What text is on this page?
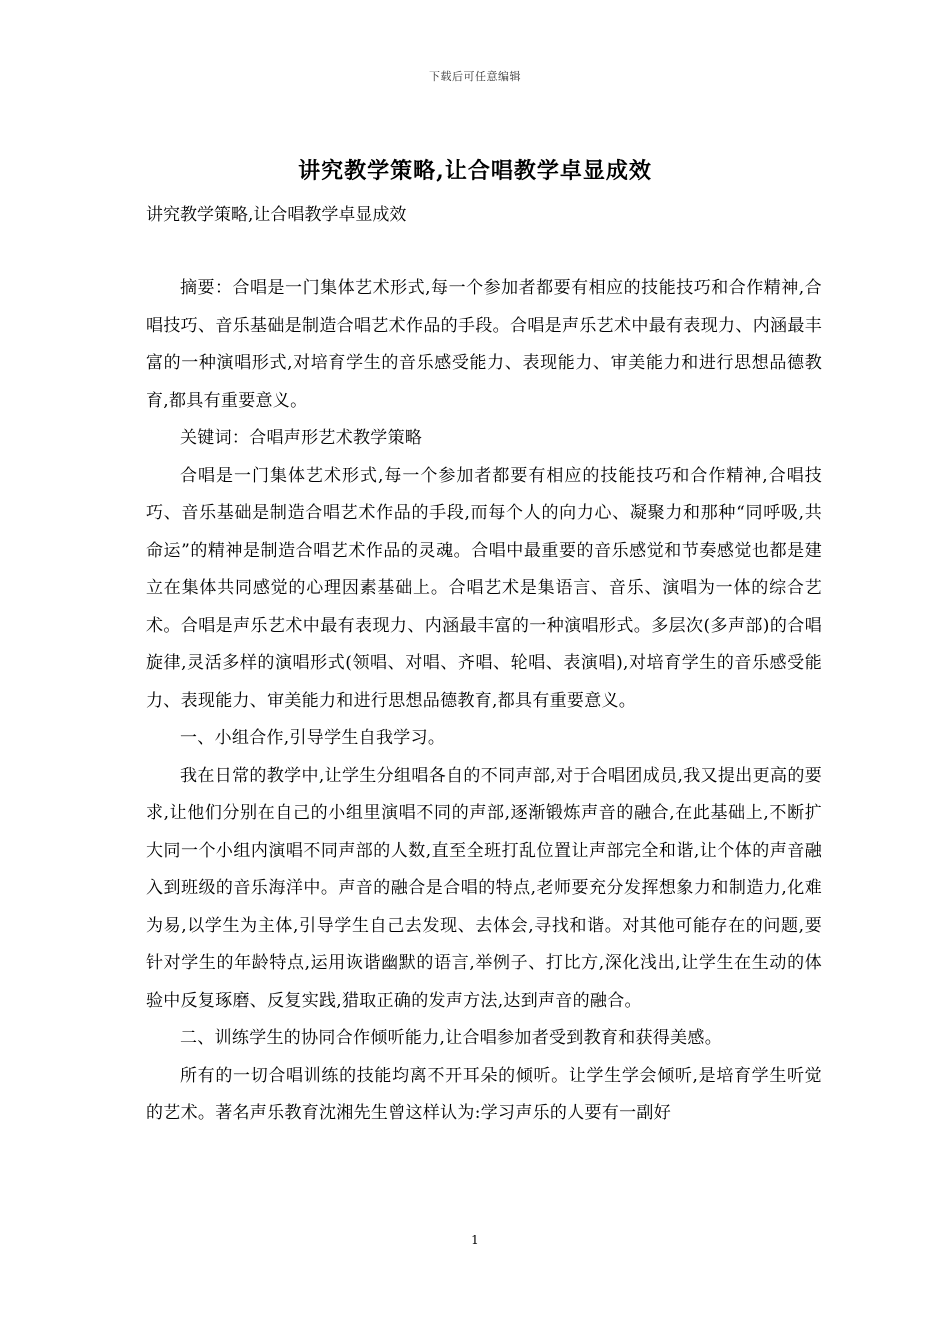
下载后可任意编辑
讲究教学策略,让合唱教学卓显成效
讲究教学策略,让合唱教学卓显成效

摘要：合唱是一门集体艺术形式,每一个参加者都要有相应的技能技巧和合作精神,合唱技巧、音乐基础是制造合唱艺术作品的手段。合唱是声乐艺术中最有表现力、内涵最丰富的一种演唱形式,对培育学生的音乐感受能力、表现能力、审美能力和进行思想品德教育,都具有重要意义。

关键词：合唱声形艺术教学策略

合唱是一门集体艺术形式,每一个参加者都要有相应的技能技巧和合作精神,合唱技巧、音乐基础是制造合唱艺术作品的手段,而每个人的向力心、凝聚力和那种“同呼吸,共命运”的精神是制造合唱艺术作品的灵魂。合唱中最重要的音乐感觉和节奏感觉也都是建立在集体共同感觉的心理因素基础上。合唱艺术是集语言、音乐、演唱为一体的综合艺术。合唱是声乐艺术中最有表现力、内涵最丰富的一种演唱形式。多层次(多声部)的合唱旋律,灵活多样的演唱形式(领唱、对唱、齐唱、轮唱、表演唱),对培育学生的音乐感受能力、表现能力、审美能力和进行思想品德教育,都具有重要意义。

一、小组合作,引导学生自我学习。

我在日常的教学中,让学生分组唱各自的不同声部,对于合唱团成员,我又提出更高的要求,让他们分别在自己的小组里演唱不同的声部,逐渐锻炼声音的融合,在此基础上,不断扩大同一个小组内演唱不同声部的人数,直至全班打乱位置让声部完全和谐,让个体的声音融入到班级的音乐海洋中。声音的融合是合唱的特点,老师要充分发挥想象力和制造力,化难为易,以学生为主体,引导学生自己去发现、去体会,寻找和谐。对其他可能存在的问题,要针对学生的年龄特点,运用诙谐幽默的语言,举例子、打比方,深化浅出,让学生在生动的体验中反复琢磨、反复实践,猎取正确的发声方法,达到声音的融合。

二、训练学生的协同合作倾听能力,让合唱参加者受到教育和获得美感。

所有的一切合唱训练的技能均离不开耳朵的倾听。让学生学会倾听,是培育学生听觉的艺术。著名声乐教育沈湘先生曾这样认为:学习声乐的人要有一副好

1
